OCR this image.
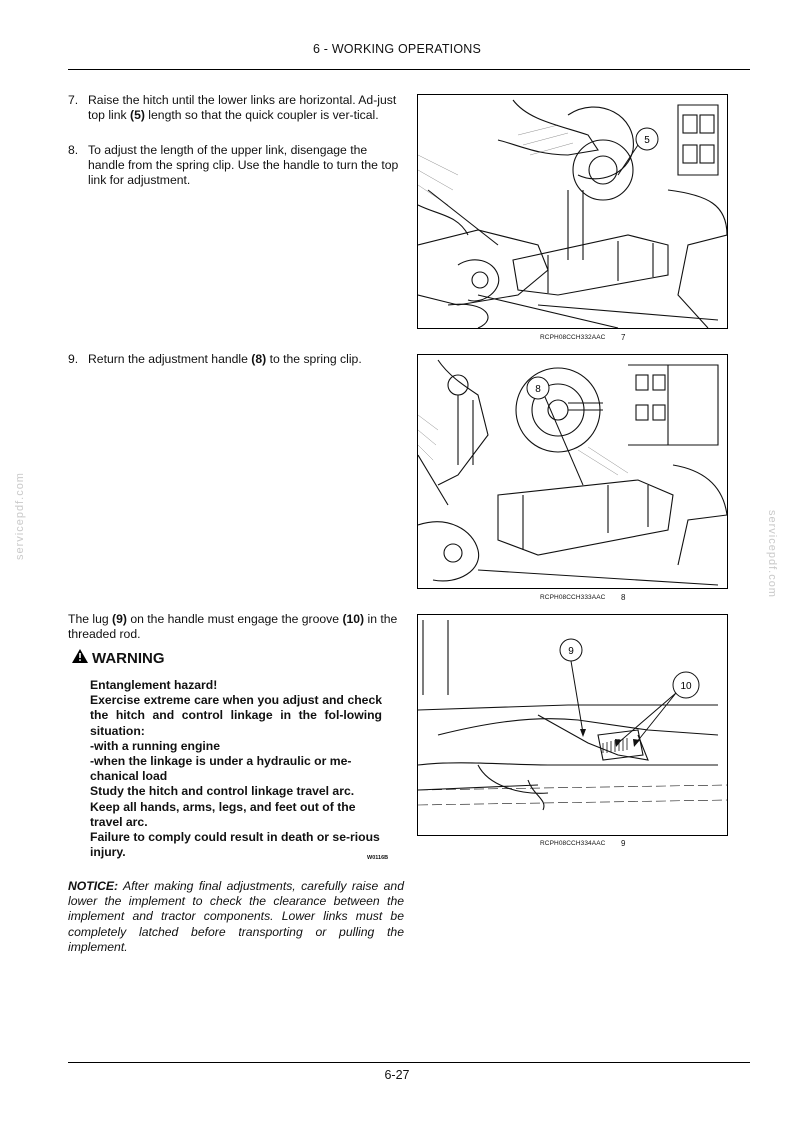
6 - WORKING OPERATIONS
7. Raise the hitch until the lower links are horizontal. Ad-just top link (5) length so that the quick coupler is ver-tical.
8. To adjust the length of the upper link, disengage the handle from the spring clip. Use the handle to turn the top link for adjustment.
9. Return the adjustment handle (8) to the spring clip.
5
RCPH08CCH332AAC 7
8
RCPH08CCH333AAC 8
The lug (9) on the handle must engage the groove (10) in the threaded rod.
9
10
RCPH08CCH334AAC 9
WARNING
Entanglement hazard!
Exercise extreme care when you adjust and check the hitch and control linkage in the fol-lowing situation:
-with a running engine
-when the linkage is under a hydraulic or me-chanical load
Study the hitch and control linkage travel arc. Keep all hands, arms, legs, and feet out of the travel arc.
Failure to comply could result in death or se-rious injury.	W0116B
NOTICE: After making final adjustments, carefully raise and lower the implement to check the clearance between the implement and tractor components. Lower links must be completely latched before transporting or pulling the implement.
servicepdf.com	servicepdf.com
6-27
